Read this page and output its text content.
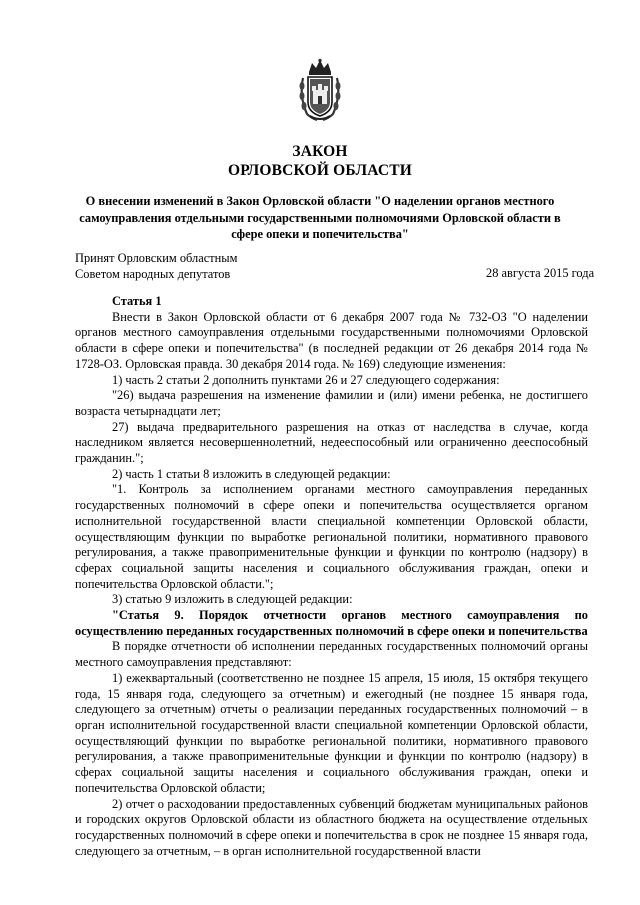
ЗАКОН
ОРЛОВСКОЙ ОБЛАСТИ
О внесении изменений в Закон Орловской области "О наделении органов местного самоуправления отдельными государственными полномочиями Орловской области в сфере опеки и попечительства"
Принят Орловским областным
Советом народных депутатов	28 августа 2015 года

Статья 1

Внести в Закон Орловской области от 6 декабря 2007 года № 732-ОЗ "О наделении органов местного самоуправления отдельными государственными полномочиями Орловской области в сфере опеки и попечительства" (в последней редакции от 26 декабря 2014 года № 1728-ОЗ. Орловская правда. 30 декабря 2014 года. № 169) следующие изменения:

1) часть 2 статьи 2 дополнить пунктами 26 и 27 следующего содержания:

"26) выдача разрешения на изменение фамилии и (или) имени ребенка, не достигшего возраста четырнадцати лет;

27) выдача предварительного разрешения на отказ от наследства в случае, когда наследником является несовершеннолетний, недееспособный или ограниченно дееспособный гражданин.";

2) часть 1 статьи 8 изложить в следующей редакции:

"1. Контроль за исполнением органами местного самоуправления переданных государственных полномочий в сфере опеки и попечительства осуществляется органом исполнительной государственной власти специальной компетенции Орловской области, осуществляющим функции по выработке региональной политики, нормативного правового регулирования, а также правоприменительные функции и функции по контролю (надзору) в сферах социальной защиты населения и социального обслуживания граждан, опеки и попечительства Орловской области.";

3) статью 9 изложить в следующей редакции:

"Статья 9. Порядок отчетности органов местного самоуправления по осуществлению переданных государственных полномочий в сфере опеки и попечительства

В порядке отчетности об исполнении переданных государственных полномочий органы местного самоуправления представляют:

1) ежеквартальный (соответственно не позднее 15 апреля, 15 июля, 15 октября текущего года, 15 января года, следующего за отчетным) и ежегодный (не позднее 15 января года, следующего за отчетным) отчеты о реализации переданных государственных полномочий – в орган исполнительной государственной власти специальной компетенции Орловской области, осуществляющий функции по выработке региональной политики, нормативного правового регулирования, а также правоприменительные функции и функции по контролю (надзору) в сферах социальной защиты населения и социального обслуживания граждан, опеки и попечительства Орловской области;

2) отчет о расходовании предоставленных субвенций бюджетам муниципальных районов и городских округов Орловской области из областного бюджета на осуществление отдельных государственных полномочий в сфере опеки и попечительства в срок не позднее 15 января года, следующего за отчетным, – в орган исполнительной государственной власти
